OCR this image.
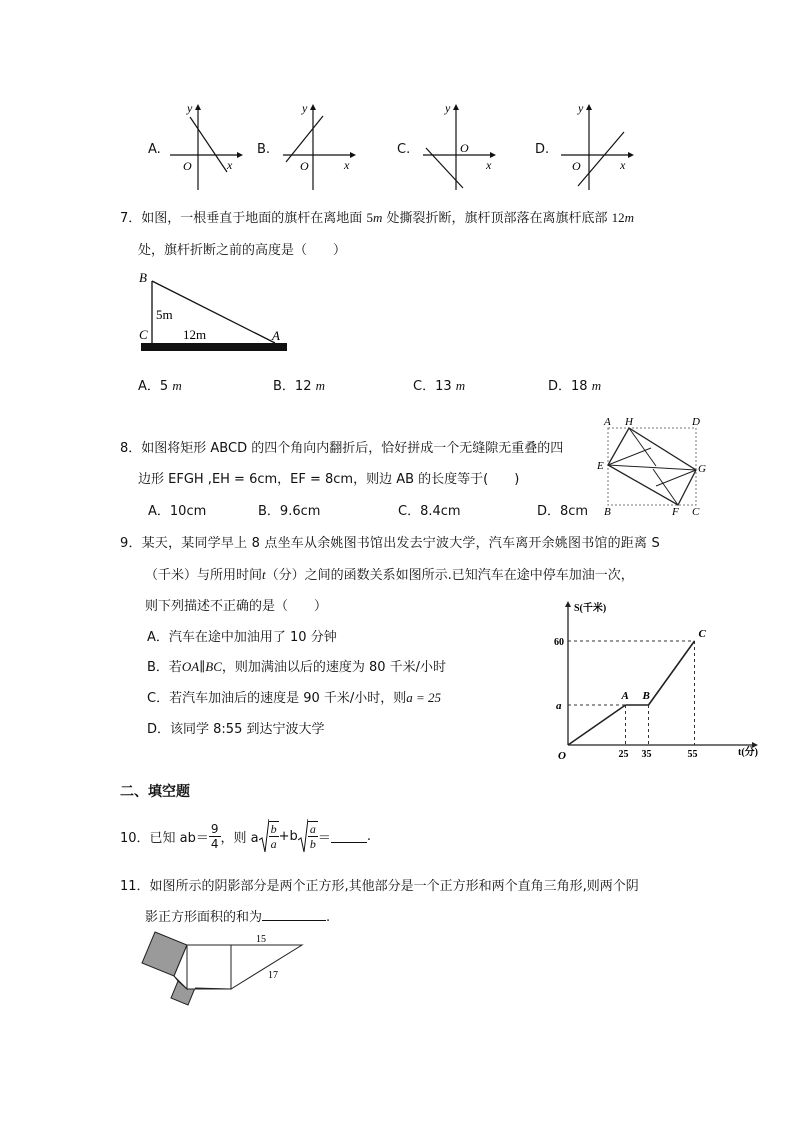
A.	B.	C.	D.
y
x
O
y
x
O
y
x
O
y
x
O
7．如图，一根垂直于地面的旗杆在离地面 5m 处撕裂折断，旗杆顶部落在离旗杆底部 12m
处，旗杆折断之前的高度是（　　）
B
C	A
5m
12m
A．5 m	B．12 m	C．13 m	D．18 m
8．如图将矩形 ABCD 的四个角向内翻折后，恰好拼成一个无缝隙无重叠的四
边形 EFGH ,EH = 6cm，EF = 8cm，则边 AB 的长度等于(　　)
A．10cm	B．9.6cm	C．8.4cm	D．8cm
A H	D
E	G
B	F C
9．某天，某同学早上 8 点坐车从余姚图书馆出发去宁波大学，汽车离开余姚图书馆的距离 S
（千米）与所用时间t（分）之间的函数关系如图所示.已知汽车在途中停车加油一次，
则下列描述不正确的是（　　）
A．汽车在途中加油用了 10 分钟
B．若OA∥BC，则加满油以后的速度为 80 千米/小时
C．若汽车加油后的速度是 90 千米/小时，则a = 25
D．该同学 8:55 到达宁波大学
S(千米)
t(分)
O
A B
C
25 35	55
60
a
二、填空题
10． 已知 $ab= \frac{9}{4}$ ，则 a $\frac{b}{a} +b \frac{a}{b}$ ＝	.
11．如图所示的阴影部分是两个正方形,其他部分是一个正方形和两个直角三角形,则两个阴
影正方形面积的和为	.
15
17
